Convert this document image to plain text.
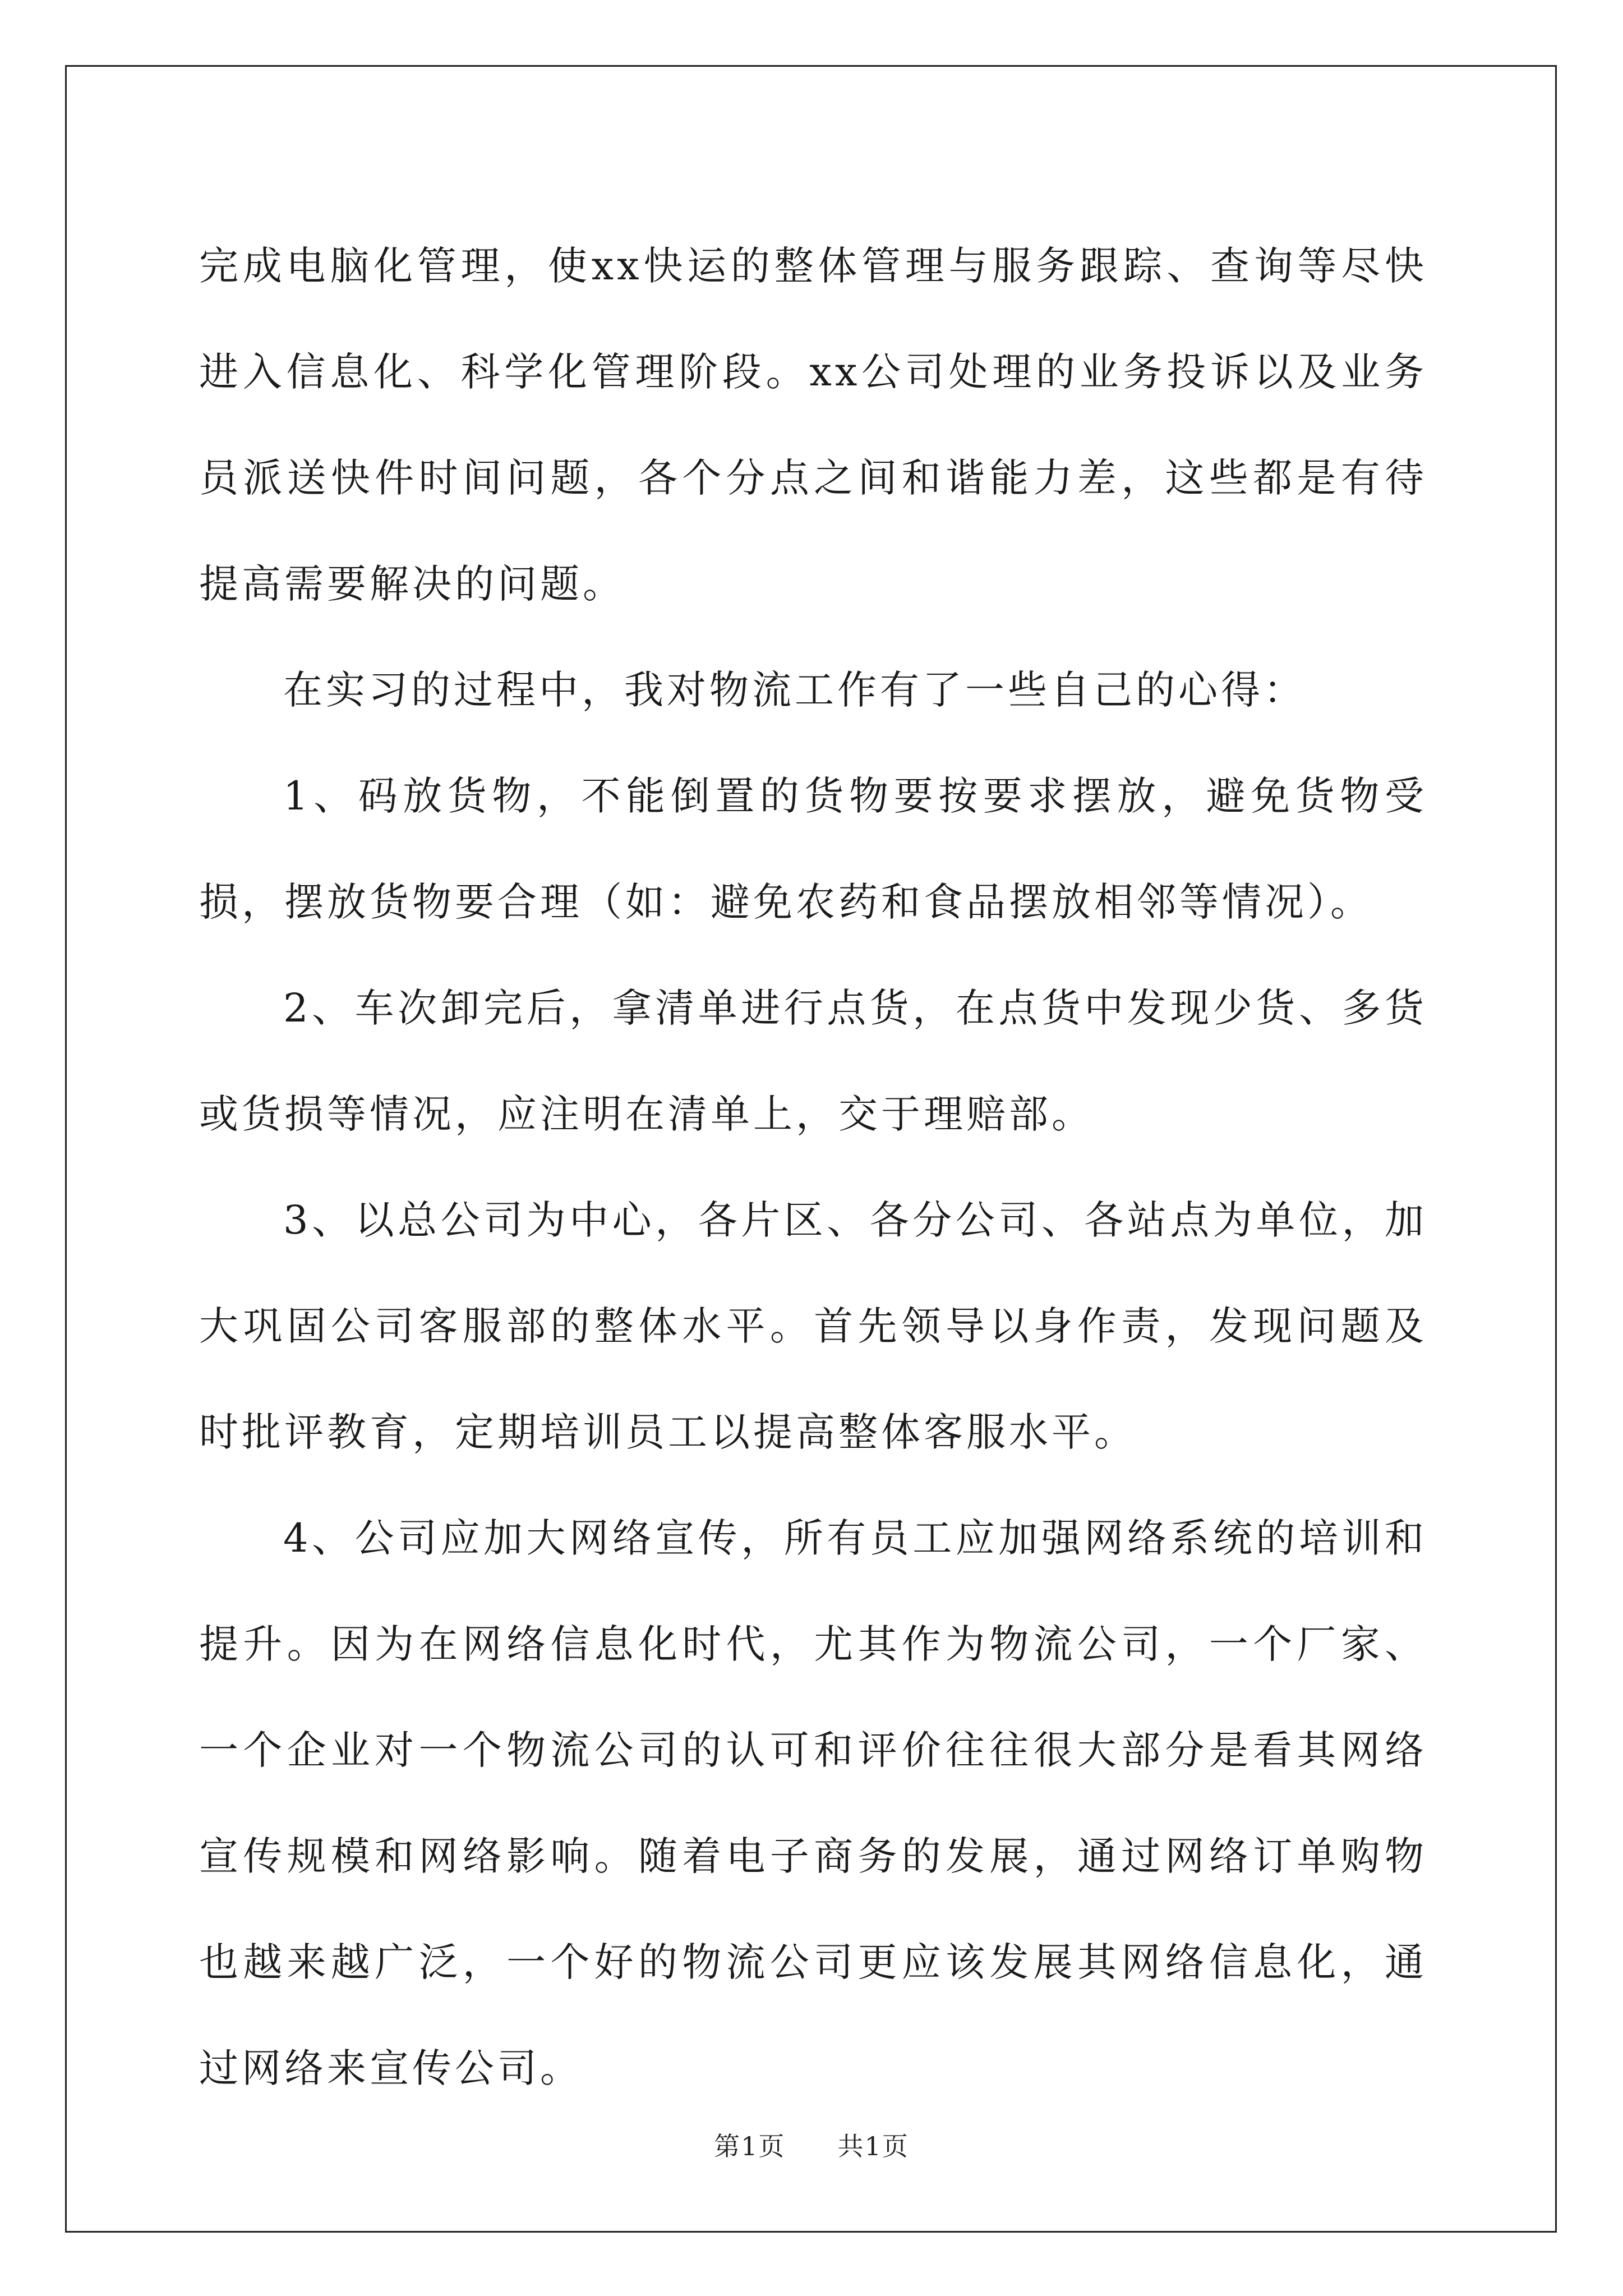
完成电脑化管理，使xx快运的整体管理与服务跟踪、查询等尽快进入信息化、科学化管理阶段。xx公司处理的业务投诉以及业务员派送快件时间问题，各个分点之间和谐能力差，这些都是有待提高需要解决的问题。

在实习的过程中，我对物流工作有了一些自己的心得：

1、码放货物，不能倒置的货物要按要求摆放，避免货物受损，摆放货物要合理（如：避免农药和食品摆放相邻等情况）。

2、车次卸完后，拿清单进行点货，在点货中发现少货、多货或货损等情况，应注明在清单上，交于理赔部。

3、以总公司为中心，各片区、各分公司、各站点为单位，加大巩固公司客服部的整体水平。首先领导以身作责，发现问题及时批评教育，定期培训员工以提高整体客服水平。

4、公司应加大网络宣传，所有员工应加强网络系统的培训和提升。因为在网络信息化时代，尤其作为物流公司，一个厂家、一个企业对一个物流公司的认可和评价往往很大部分是看其网络宣传规模和网络影响。随着电子商务的发展，通过网络订单购物也越来越广泛，一个好的物流公司更应该发展其网络信息化，通过网络来宣传公司。

第1页 共1页
